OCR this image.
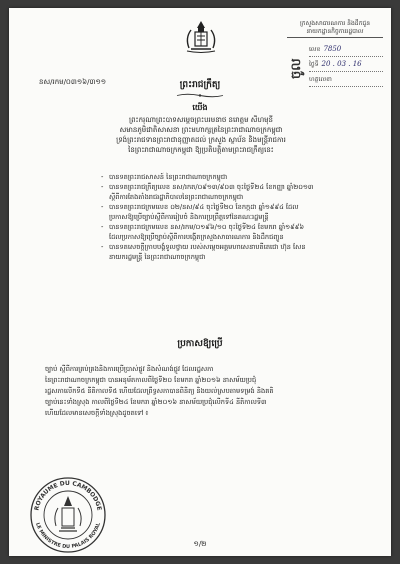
ក្រសួងសាធារណការ និងដឹកជូន
នាយកដ្ឋានកិច្ចការរដ្ឋបាល
ចូល
លេខ 7850
ថ្ងៃទី 20 . 03 . 16
ហត្ថលេខា
នស/រកម/០៣១៦/៣១១	ព្រះរាជក្រឹត្យ
យើង
ព្រះករុណាព្រះបាទសម្តេចព្រះបរមនាថ នរោត្តម សីហមុនី
សមានភូមិជាតិសាសនា ព្រះមហាក្សត្រនៃព្រះរាជាណាចក្រកម្ពុជា
ទ្រង់ព្រះរាជទានព្រះរាជានុញ្ញាតដល់ ក្រសួង ស្ថាប័ន និងមន្ត្រីរាជការ
នៃព្រះរាជាណាចក្រកម្ពុជា ឱ្យប្រតិបត្តិតាមព្រះរាជក្រឹត្យនេះ
- បានទតព្រះរាជសាសន៍ នៃព្រះរាជាណាចក្រកម្ពុជា
- បានទតព្រះរាជក្រឹត្យលេខ នស/រកត/០៩១៣/៩០៣ ចុះថ្ងៃទី២៤ ខែកញ្ញា ឆ្នាំ២០១៣
ស្តីពីការតែងតាំងរាជរដ្ឋាភិបាលនៃព្រះរាជាណាចក្រកម្ពុជា
- បានទតព្រះរាជក្រមលេខ ០២/នស/៩៤ ចុះថ្ងៃទី២០ ខែកក្កដា ឆ្នាំ១៩៩៤ ដែល
ប្រកាសឱ្យប្រើច្បាប់ស្តីពីការរៀបចំ និងការប្រព្រឹត្តទៅនៃគណៈរដ្ឋមន្ត្រី
- បានទតព្រះរាជក្រមលេខ នស/រកម/០១៩៦/១០ ចុះថ្ងៃទី២៤ ខែមករា ឆ្នាំ១៩៩៦
ដែលប្រកាសឱ្យប្រើច្បាប់ស្តីពីការបង្កើតក្រសួងសាធារណការ និងដឹកជញ្ជូន
- បានទតសេចក្តីក្រាបបង្គំទូលថ្វាយ របស់សម្តេចអគ្គមហាសេនាបតីតេជោ ហ៊ុន សែន
នាយករដ្ឋមន្ត្រី នៃព្រះរាជាណាចក្រកម្ពុជា
ប្រកាសឱ្យប្រើ
ច្បាប់ ស្តីពីការគ្រប់គ្រងនិងការប្រើប្រាស់ផ្លូវ និងសំណង់ផ្លូវ ដែលរដ្ឋសភា
នៃព្រះរាជាណាចក្រកម្ពុជា បានអនុម័តកាលពីថ្ងៃទី២០ ខែមករា ឆ្នាំ២០១៦ នាសម័យប្រជុំ
រដ្ឋសភាលើកទី៥ នីតិកាលទី៥ ហើយដែលព្រឹទ្ធសភាបានពិនិត្យ និងយល់ស្របតាមទម្រង់ និងគតិ
ច្បាប់នេះទាំងស្រុង កាលពីថ្ងៃទី២៤ ខែមករា ឆ្នាំ២០១៦ នាសម័យប្រជុំលើកទី៤ នីតិកាលទី៣
ហើយដែលមានសេចក្តីទាំងស្រុងដូចតទៅ ៖
ROYAUME DU CAMBODGE
LE MINISTRE DU PALAIS ROYAL
១/២
